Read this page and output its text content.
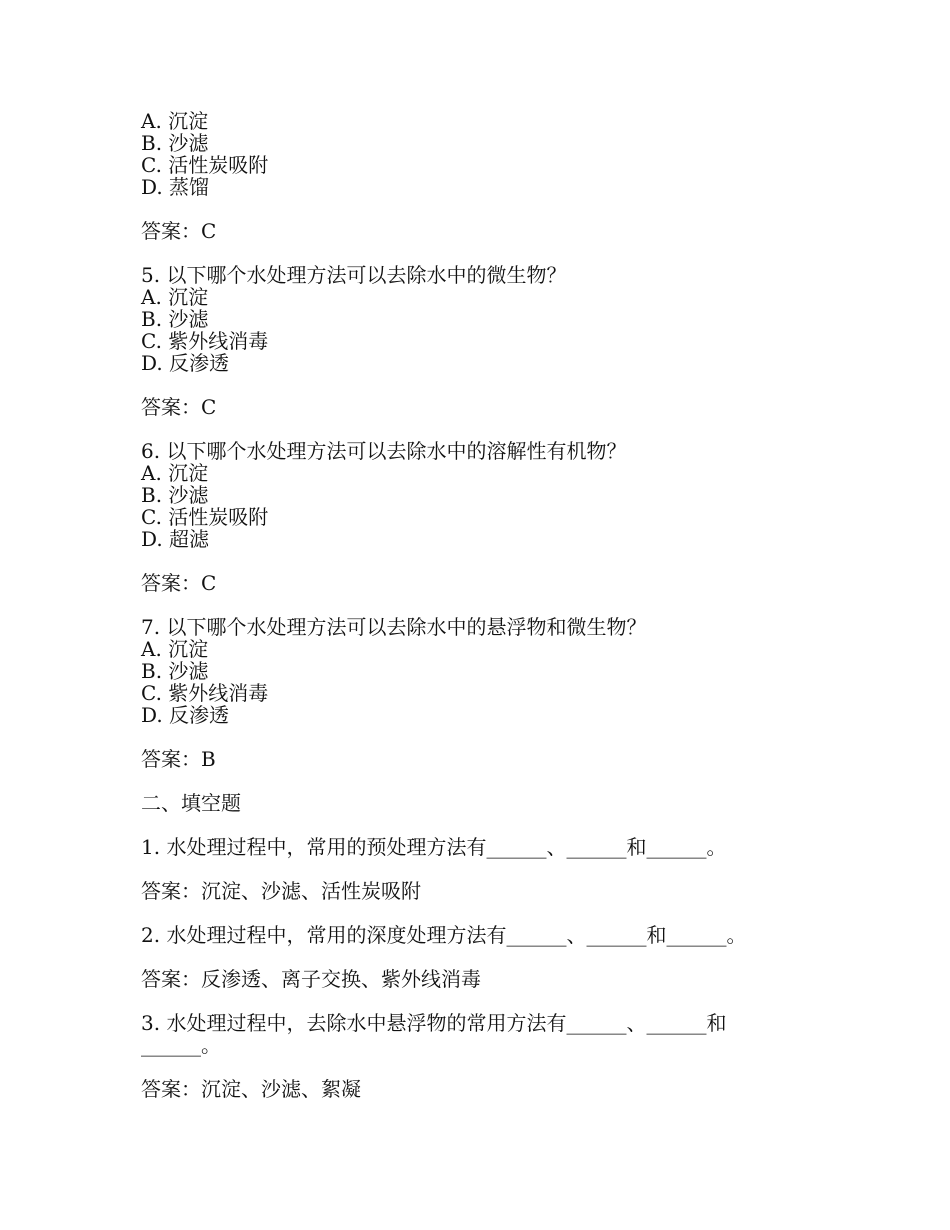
A. 沉淀
B. 沙滤
C. 活性炭吸附
D. 蒸馏
答案：C
5. 以下哪个水处理方法可以去除水中的微生物？
A. 沉淀
B. 沙滤
C. 紫外线消毒
D. 反渗透
答案：C
6. 以下哪个水处理方法可以去除水中的溶解性有机物？
A. 沉淀
B. 沙滤
C. 活性炭吸附
D. 超滤
答案：C
7. 以下哪个水处理方法可以去除水中的悬浮物和微生物？
A. 沉淀
B. 沙滤
C. 紫外线消毒
D. 反渗透
答案：B
二、填空题
1. 水处理过程中，常用的预处理方法有______、______和______。
答案：沉淀、沙滤、活性炭吸附
2. 水处理过程中，常用的深度处理方法有______、______和______。
答案：反渗透、离子交换、紫外线消毒
3. 水处理过程中，去除水中悬浮物的常用方法有______、______和
______。
答案：沉淀、沙滤、絮凝
